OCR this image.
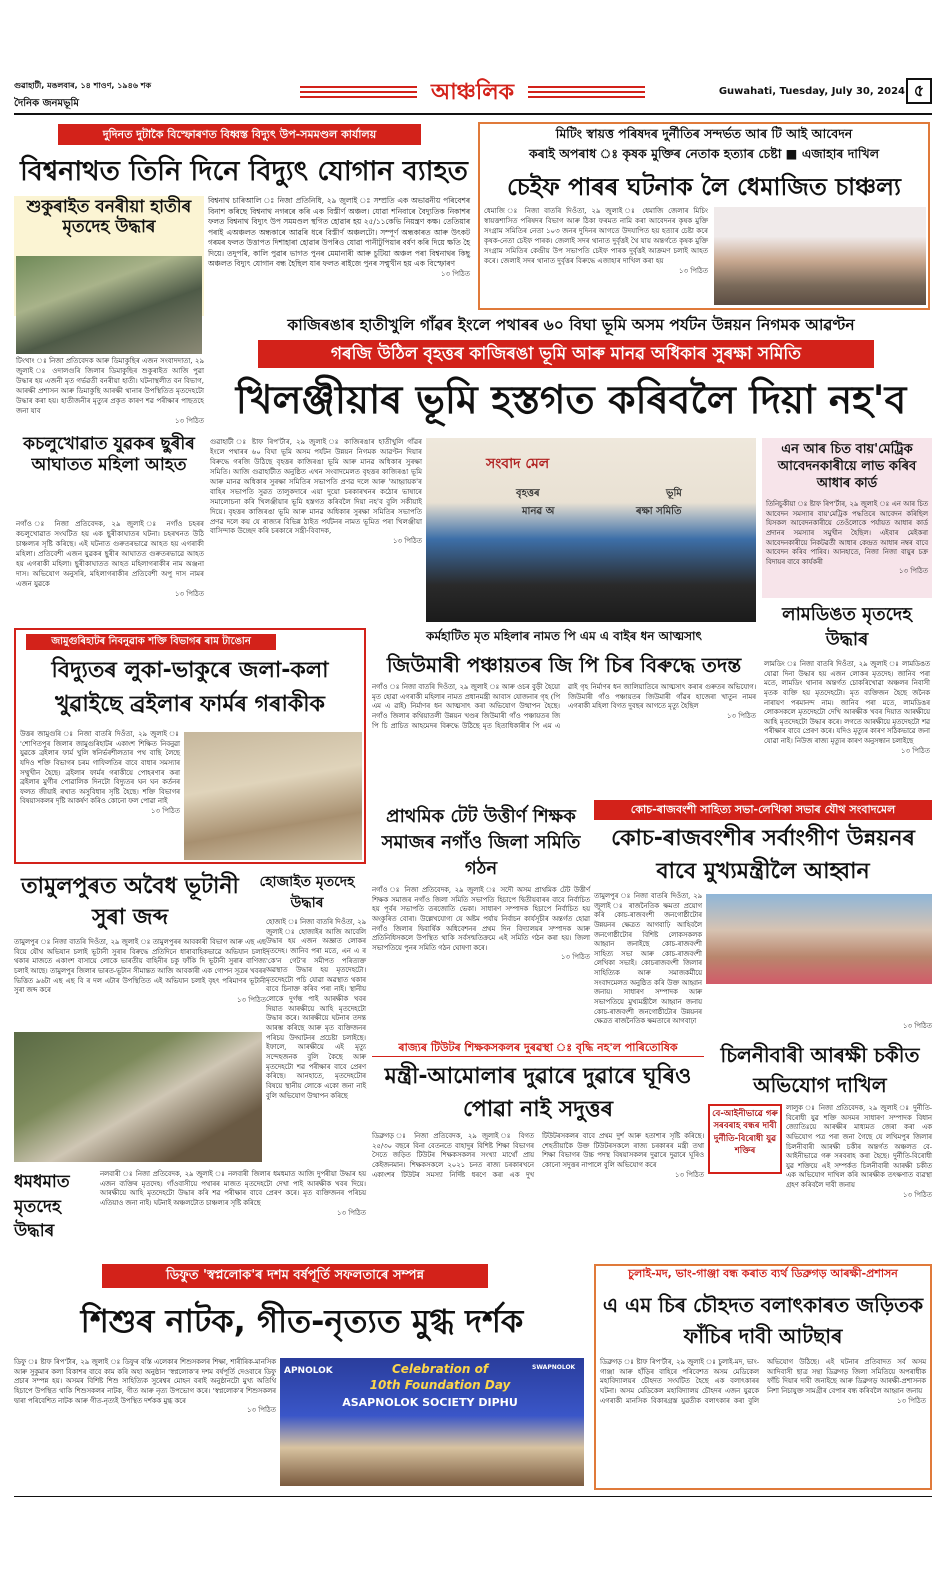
গুৱাহাটী, মঙলবাৰ, ১৪ শাওণ, ১৯৪৬ শক
দৈনিক জনমভূমি	আঞ্চলিক	Guwahati, Tuesday, July 30, 2024 ৫
দুদিনত দুটাকৈ বিস্ফোৰণত বিধ্বস্ত বিদ্যুৎ উপ-সমমণ্ডল কাৰ্যালয়
বিশ্বনাথত তিনি দিনে বিদ্যুৎ যোগান ব্যাহত
বিশ্বনাথ চাৰিআলি ঃ নিজা প্ৰতিনিধি, ২৯ জুলাই ঃ সম্প্ৰতি এক অভাৱনীয় পৰিবেশৰ বিনাশ কৰিছে বিশ্বনাথ নগৰৰে কৰি এক বিস্তীৰ্ণ অঞ্চল। যোৱা শনিবাৰে বৈদ্যুতিক নিকাশৰ ফলত বিশ্বনাথ বিদ্যুৎ উপ সমমণ্ডল স্থগিত হোৱাৰ হয় ২৫/১১কেভি নিয়ন্ত্ৰণ কক্ষ। তেতিয়াৰ পৰাই এঅঞ্চলত অন্ধকাৰে আৱৰি ধৰে বিস্তীৰ্ণ অঞ্চলটো। সম্পূৰ্ণ অন্ধকাৰত আৰু উৎকট গৰমৰ ফলত উত্তাপত দিশাহাৰা হোৱাৰ উপৰিও যোৱা পানীটুপিয়াৰ বৰ্ষণ কৰি দিয়ে ক্ষতি হৈ দিয়ে। তদুপৰি, কালি পুৱাৰ ভাগত পুনৰ মেমানাৰী আৰু চুটিয়া অঞ্চল পৰা বিশ্বনাথৰ কিছু অঞ্চলত বিদ্যুৎ যোগান বন্ধ হৈছিল যাৰ ফলত ৰাইজে পুনৰ সন্মুখীন হয় এক বিস্ফোৰণ
১৩ পিঠিত
শুকুৰাইত বনৰীয়া হাতীৰ মৃতদেহ উদ্ধাৰ
টিংখাং ঃ নিজা প্ৰতিবেদক আৰু ডিমাকুছিৰ এজন সংবাদদাতা, ২৯ জুলাই ঃ ওদালগুৰি জিলাৰ ডিমাকুছিৰ শুকুৰাইত আজি পুৱা উদ্ধাৰ হয় এজনী মৃত গৰ্ভৱতী বনৰীয়া হাতী। ঘটনাস্থলীত বন বিভাগ, আৰক্ষী প্ৰশাসন আৰু ডিমাকুছি আৰক্ষী থানাৰ উপস্থিতিত মৃতদেহটো উদ্ধাৰ কৰা হয়। হাতীজনীৰ মৃত্যুৰ প্ৰকৃত কাৰণ শৱ পৰীক্ষাৰ পাছতহে জনা যাব
১৩ পিঠিত
কচলুখোৱাত যুৱকৰ ছুৰীৰ আঘাতত মহিলা আহত
নগাঁও ঃ নিজা প্ৰতিবেদক, ২৯ জুলাই ঃ নগাঁও চহৰৰ কচলুখোৱাত সংঘটিত হয় এক ছুৰীকাঘাতৰ ঘটনা। চহৰখনত উঠি চাঞ্চল্যৰ সৃষ্টি কৰিছে। এই ঘটনাত গুৰুতৰভাৱে আহত হয় এগৰাকী মহিলা। প্ৰতিবেশী এজন যুৱকৰ ছুৰীৰ আঘাতত গুৰুতৰভাৱে আহত হয় এগৰাকী মহিলা। ছুৰীকাঘাতত আহত মহিলাগৰাকীৰ নাম অঞ্জনা দাস। অভিযোগ অনুসৰি, মহিলাগৰাকীৰ প্ৰতিবেশী অপু দাস নামৰ এজন যুৱকে
১৩ পিঠিত
মিটিং স্বায়ত্ত পৰিষদৰ দুৰ্নীতিৰ সন্দৰ্ভত আৰ টি আই আবেদন
কৰাই অপৰাধ ঃ কৃষক মুক্তিৰ নেতাক হত্যাৰ চেষ্টা ■ এজাহাৰ দাখিল
চেইফ পাৰৰ ঘটনাক লৈ ধেমাজিত চাঞ্চল্য
ধেমাজি ঃ নিজা বাতৰি দিওঁতা, ২৯ জুলাই ঃ ধেমাজি জেলাৰ মিচিং স্বায়ত্তশাসিত পৰিষদৰ বিভাগ আৰু ঠিকা ফৰমত নামি কৰা আবেদনৰ কৃষক মুক্তি সংগ্ৰাম সমিতিৰ নেতা ১০৩ জনৰ দুদিনৰ আগতে উদযাপিত হয় হত্যাৰ চেষ্টা কৰে কৃষক-নেতা চেইফ পাৰক। জেলাই সদৰ থানাত দুৰ্বৃত্তই থৈ যায় অন্তৰ্গতে কৃষক মুক্তি সংগ্ৰাম সমিতিৰ কেন্দ্ৰীয় উপ সভাপতি চেইফ পাৰক দুৰ্বৃত্তই আক্ৰমণ চলাই আহত কৰে। জেলাই সদৰ থানাত দুৰ্বৃত্তৰ বিৰুদ্ধে এজাহাৰ দাখিল কৰা হয়
১৩ পিঠিত
কাজিৰঙাৰ হাতীখুলি গাঁৱৰ ইংলে পথাৰৰ ৬০ বিঘা ভূমি অসম পৰ্যটন উন্নয়ন নিগমক আৱণ্টন
গৰজি উঠিল বৃহত্তৰ কাজিৰঙা ভূমি আৰু মানৱ অধিকাৰ সুৰক্ষা সমিতি
খিলঞ্জীয়াৰ ভূমি হস্তগত কৰিবলৈ দিয়া নহ'ব
গুৱাহাটী ঃ ষ্টাফ ৰিপ'ৰ্টাৰ, ২৯ জুলাই ঃ কাজিৰঙাৰ হাতীখুলি গাঁৱৰ ইংলে পথাৰৰ ৬০ বিঘা ভূমি অসম পৰ্যটন উন্নয়ন নিগমক আৱণ্টন দিয়াৰ বিৰুদ্ধে গৰজি উঠিছে বৃহত্তৰ কাজিৰঙা ভূমি আৰু মানৱ অধিকাৰ সুৰক্ষা সমিতি। আজি গুৱাহাটীত অনুষ্ঠিত এখন সংবাদমেলত বৃহত্তৰ কাজিৰঙা ভূমি আৰু মানৱ অধিকাৰ সুৰক্ষা সমিতিৰ সভাপতি প্ৰণৱ দলে আৰু 'আহ্বায়ক'ৰ বাহিৰ সভাপতি সুৱত তালুকদাৰে এয়া দুয়ো চৰকাৰখনৰ কঠোৰ ভাষাৰে সমালোচনা কৰি খিলঞ্জীয়াৰ ভূমি হস্তগত কৰিবলৈ দিয়া নহ'ব বুলি সকীয়াই দিয়ে। বৃহত্তৰ কাজিৰঙা ভূমি আৰু মানৱ অধিকাৰ সুৰক্ষা সমিতিৰ সভাপতি প্ৰণৱ দলে কয় যে ৰাজ্যৰ বিভিন্ন ঠাইত পৰ্যটনৰ নামত ভূমিত পৰা খিলঞ্জীয়া বাসিন্দাক উচ্ছেদ কৰি চৰকাৰে সন্ত্ৰী-বিবাদক,
১৩ পিঠিত
সংবাদ মেল
বৃহত্তৰ	ভূমি
মানৱ অ	ৰক্ষা সমিতি
এন আৰ চিত বায়'মেট্ৰিক আবেদনকাৰীয়ে লাভ কৰিব আধাৰ কাৰ্ড
তিনিচুকীয়া ঃ ষ্টাফ ৰিপ'ৰ্টাৰ, ২৯ জুলাই ঃ এন আৰ চিত আবেদন সমস্যাৰ বায়'মেট্ৰিক পদ্ধতিৰে আবেদন কৰিছিল যিসকল আবেদনকাৰীয়ে তেওঁলোকে পৰ্যায়ত আধাৰ কাৰ্ড প্ৰদানৰ সমস্যাৰ সমুখীন হৈছিল। এইবাৰ মেইকৰা আবেদনকাৰীয়ে নিকটৱৰ্তী আধাৰ কেন্দ্ৰত আধাৰ নম্বৰ বাবে আবেদন কৰিব পাৰিব। আনহাতে, নিজা নিজা বায়ুৰ চক্ৰ বিদায়ৰ বাবে কাৰ্যকৰী
১৩ পিঠিত
লামডিঙত মৃতদেহ উদ্ধাৰ
লামডিং ঃ নিজা বাতৰি দিওঁতা, ২৯ জুলাই ঃ লামডিঙত যোৱা দিনা উদ্ধাৰ হয় এজন লোকৰ মৃতদেহ। জানিব পৰা মতে, লামডিং থানাৰ অন্তৰ্গত চোকৰিখোৱা অঞ্চলৰ নিবাসী মৃতক ব্যক্তি হয় মৃতদেহটো। মৃত ব্যক্তিজন হৈছে জনৈক নাৰায়ণ পৰমানন্দ নাম। জানিব পৰা মতে, লামডিঙৰ লোকসকলে মৃতদেহটো দেখি আৰক্ষীক খবৰ দিয়াত আৰক্ষীয়ে আহি মৃতদেহটো উদ্ধাৰ কৰে। লগতে আৰক্ষীয়ে মৃতদেহটো শৱ পৰীক্ষাৰ বাবে প্ৰেৰণ কৰে। যদিও মৃত্যুৰ কাৰণ সঠিকভাৱে জনা যোৱা নাই। নিউজ ৰাজ্য মৃত্যুৰ কাৰণ অনুসন্ধান চলাইছে
১৩ পিঠিত
জামুগুৰিহাটৰ নিবনুৱাক শক্তি বিভাগৰ ৰাম টাঙোন
বিদ্যুতৰ লুকা-ভাকুৰে জলা-কলা খুৱাইছে ব্ৰইলাৰ ফাৰ্মৰ গৰাকীক
উত্তৰ জামুগুৰি ঃ নিজা বাতৰি দিওঁতা, ২৯ জুলাই ঃ 'শোণিতপুৰ জিলাৰ জামুগুৰিহাটৰ একাংশ শিক্ষিত নিবনুৱা যুৱকে ব্ৰইলাৰ ফাৰ্ম খুলি স্বনিৰ্ভৰশীলতাৰ পথ বাছি লৈছে যদিও শক্তি বিভাগৰ চৰম গাফিলতিৰ বাবে বাধাৰ সমস্যাৰ সম্মুখীন হৈছে। ব্ৰইলাৰ ফাৰ্মৰ গৰাকীয়ে পোহৰণাৰ কৰা ব্ৰইলাৰ মুৰ্গীৰ পোৱালিক দিনটো বিদ্যুতৰ ঘন ঘন কৰ্তনৰ ফলত জীয়াই ৰখাত অসুবিধাৰ সৃষ্টি হৈছে। শক্তি বিভাগৰ বিষয়াসকলৰ দৃষ্টি আকৰ্ষণ কৰিও কোনো ফল পোৱা নাই
১৩ পিঠিত
কৰ্মহাটিত মৃত মহিলাৰ নামত পি এম এ বাইৰ ধন আত্মসাৎ
জিউমাৰী পঞ্চায়তৰ জি পি চিৰ বিৰুদ্ধে তদন্ত
নগাঁও ঃ নিজা বাতৰি দিওঁতা, ২৯ জুলাই ঃ আৰু ওচৰ বুড়ী হৈয়ো মৃত হোৱা এগৰাকী মহিলাৰ নামত প্ৰধানমন্ত্ৰী আবাস যোজনাৰ গৃহ (পি এম এ ৱাই) নিৰ্মাণৰ ধন আত্মসাৎ কৰা অভিযোগ উত্থাপন হৈছে। নগাঁও জিলাৰ কথিয়াতলী উন্নয়ন খণ্ডৰ জিউমাৰী গাঁও পঞ্চায়তৰ জি পি চি প্ৰাচিত আহমেদৰ বিৰুদ্ধে উঠিছে মৃত হিতাধিকাৰীৰ পি এম এ ৱাই গৃহ নিৰ্মাণৰ ধন জালিয়াতিৰে আত্মসাৎ কৰাৰ গুৰুতৰ অভিযোগ। জিউমাৰী গাঁও পঞ্চায়তৰ জিউমাৰী গাঁৱৰ হাজেৰা খাতুন নামৰ এগৰাকী মহিলা বিগত দুবছৰ আগতে মৃত্যু হৈছিল
১৩ পিঠিত
প্ৰাথমিক টেট উত্তীৰ্ণ শিক্ষক সমাজৰ নগাঁও জিলা সমিতি গঠন
নগাঁও ঃ নিজা প্ৰতিবেদক, ২৯ জুলাই ঃ সদৌ অসম প্ৰাথমিক টেট উত্তীৰ্ণ শিক্ষক সমাজৰ নগাঁও জিলা সমিতি সভাপতি হিচাপে দ্বিতীয়বাৰৰ বাবে নিৰ্বাচিত হয় পূৰ্বৰ সভাপতি তৰজোতি ভেকা। সাধাৰণ সম্পাদক হিচাপে নিৰ্বাচিত হয় অংকুৰিত বোৰা। উল্লেখযোগ্য যে অষ্টম পৰ্যায় নিৰ্বাচন কাৰ্যসূচীৰ অন্তৰ্গত হোৱা নগাঁও জিলাৰ দ্বিবাৰ্ষিক অধিবেশনৰ প্ৰথম দিন বিদ্যালয়ৰ সম্পাদক আৰু প্ৰতিনিধিসকলে উপস্থিত থাকি সৰ্বসন্মতিক্ৰমে এই সমিতি গঠন কৰা হয়। জিলা সভাপতিয়ে পুনৰ সমিতি গঠন ঘোষণা কৰে।
১৩ পিঠিত
কোচ-ৰাজবংশী সাহিত্য সভা-লেখিকা সভাৰ যৌথ সংবাদমেল
কোচ-ৰাজবংশীৰ সৰ্বাংগীণ উন্নয়নৰ বাবে মুখ্যমন্ত্ৰীলৈ আহ্বান
তামুলপুৰ ঃ নিজা বাতৰি দিওঁতা, ২৯ জুলাই ঃ ৰাজনৈতিক ক্ষমতা প্ৰয়োগ কৰি কোচ-ৰাজবংশী জনগোষ্ঠীটোৰ উন্নয়নৰ ক্ষেত্ৰত আগবাঢ়ি আহিবলৈ জনগোষ্ঠীটোৰ বিশিষ্ট লোকসকলক আহ্বান জনাইছে কোচ-ৰাজবংশী সাহিত্য সভা আৰু কোচ-ৰাজবংশী লেখিকা সভাই। কোচৰাজবংশী জিলাৰ সাহিত্যিক আৰু সমাজকৰ্মীয়ে সংবাদমেলত অনুষ্ঠিত কৰি উক্ত আহ্বান জনায়। সাধাৰণ সম্পাদক আৰু সভাপতিয়ে মুখ্যমন্ত্ৰীলৈ আহ্বান জনায় কোচ-ৰাজবংশী জনগোষ্ঠীটোৰ উন্নয়নৰ ক্ষেত্ৰত ৰাজনৈতিক ক্ষমতাৰে আগবাঢ়া
১৩ পিঠিত
তামুলপুৰত অবৈধ ভূটানী সুৰা জব্দ
তামুলপুৰ ঃ নিজা বাতৰি দিওঁতা, ২৯ জুলাই ঃ তামুলপুৰৰ আবকাৰী বিভাগ আৰু এছ এছ বিয়ে যৌথ অভিযান চলাই ভূটানী সুৰাৰ বিৰুদ্ধে প্ৰতিদিনে ধাৰাবাহিকভাৱে অভিযান চলাই থকাৰ মাজতে একাংশ বাসায়ে লোকে ভাৰতীয় বাহিনীৰ চকু ফাঁকি দি ভূটানী সুৰাৰ বাণিজ্য চলাই আছে। তামুলপুৰ জিলাৰ ভাৰত-ভূটান সীমান্তত আজি আবকাৰী এক গোপন সূত্ৰৰ খবৰৰ ভিত্তিত ৯৬টা এছ এছ বি ৰ দল এটাৰ উপস্থিতিত এই অভিযান চলাই বৃহৎ পৰিমাণৰ ভূটানী সুৰা জব্দ কৰে
১৩ পিঠিত
হোজাইত মৃতদেহ উদ্ধাৰ
হোজাই ঃ নিজা বাতৰি দিওঁতা, ২৯ জুলাই ঃ হোজাইৰ আজি আবেলি উদ্ধাৰ হয় এজন অজ্ঞাত লোকৰ মৃতদেহ। জানিব পৰা মতে, এন এ ৰ 'কে'ন গেট'ৰ সমীপত পৰিত্যক্ত অৱস্থাত উদ্ধাৰ হয় মৃতদেহটো। মৃতদেহটো পচি যোৱা অৱস্থাত থকাৰ বাবে চিনাক্ত কৰিব পৰা নাই। স্থানীয় লোকে দুৰ্গন্ধ পাই আৰক্ষীক খবৰ দিয়াত আৰক্ষীয়ে আহি মৃতদেহটো উদ্ধাৰ কৰে। আৰক্ষীয়ে ঘটনাৰ তদন্ত আৰম্ভ কৰিছে আৰু মৃত ব্যক্তিজনৰ পৰিচয় উদ্ঘাটনৰ প্ৰচেষ্টা চলাইছে। ইফালে, আৰক্ষীয়ে এই মৃত্যু সন্দেহজনক বুলি কৈছে আৰু মৃতদেহটো শৱ পৰীক্ষাৰ বাবে প্ৰেৰণ কৰিছে। আনহাতে, মৃতদেহটোৰ বিষয়ে স্থানীয় লোকে একো জনা নাই বুলি অভিযোগ উত্থাপন কৰিছে
ধমধমাত মৃতদেহ উদ্ধাৰ
নলবাৰী ঃ নিজা প্ৰতিবেদক, ২৯ জুলাই ঃ নলবাৰী জিলাৰ ধমধমাত আজি দুপৰীয়া উদ্ধাৰ হয় এজন ব্যক্তিৰ মৃতদেহ। গাঁওবাসীয়ে পথাৰৰ মাজত মৃতদেহটো দেখা পাই আৰক্ষীক খবৰ দিয়ে। আৰক্ষীয়ে আহি মৃতদেহটো উদ্ধাৰ কৰি শৱ পৰীক্ষাৰ বাবে প্ৰেৰণ কৰে। মৃত ব্যক্তিজনৰ পৰিচয় এতিয়াও জনা নাই। ঘটনাই অঞ্চলটোত চাঞ্চল্যৰ সৃষ্টি কৰিছে
১৩ পিঠিত
ৰাজ্যৰ টিউটৰ শিক্ষকসকলৰ দুৰৱস্থা ঃ বৃদ্ধি নহ'ল পাৰিতোষিক
মন্ত্ৰী-আমোলাৰ দুৱাৰে দুৱাৰে ঘূৰিও পোৱা নাই সদুত্তৰ
ডিব্ৰুগড় ঃ নিজা প্ৰতিবেদক, ২৯ জুলাই ঃ বিগত ২৫/৩০ বছৰে বিনা বেতনতে বাহাদুৰ বিশিষ্ট শিক্ষা বিভাগৰ সৈতে জড়িত টিউটৰ শিক্ষকসকলৰ সংখ্যা মাথোঁ প্ৰায় কেইজনমান। শিক্ষকসকলে ২০২১ চনত ৰাজ্য চৰকাৰখনে একাংশৰ টিউটৰ সমস্যা নিৰ্দিষ্ট ধৰণে কৰা এক দুখ টিউটৰসকলৰ বাবে প্ৰথম দুৰ্শ আৰু হতাশাৰ সৃষ্টি কৰিছে। শেহতীয়াকৈ উক্ত টিউটৰসকলে ৰাজ্য চৰকাৰৰ মন্ত্ৰী তথা শিক্ষা বিভাগৰ উচ্চ পদস্থ বিষয়াসকলৰ দুৱাৰে দুৱাৰে ঘূৰিও কোনো সদুত্তৰ নাপালে বুলি অভিযোগ কৰে
১৩ পিঠিত
চিলনীবাৰী আৰক্ষী চকীত অভিযোগ দাখিল
বে-আইনীভাৱে গৰু সৰবৰাহ বন্ধৰ দাবী দুৰ্নীতি-বিৰোধী যুৱ শক্তিৰ
লালুক ঃ নিজা প্ৰতিবেদক, ২৯ জুলাই ঃ দুৰ্নীতি-বিৰোধী যুৱ শক্তি অসমৰ সাধাৰণ সম্পাদক বিধান জ্যোতিঃয়ে আৰক্ষীৰ মাধ্যমত জেৰা কৰা এক অভিযোগ পত্ৰ পৰা জনা গৈছে যে লখিমপুৰ জিলাৰ চিলনীবাৰী আৰক্ষী চকীৰ অন্তৰ্গত অঞ্চলত বে-আইনীভাৱে গৰু সৰবৰাহ কৰা হৈছে। দুৰ্নীতি-বিৰোধী যুৱ শক্তিয়ে এই সম্পৰ্কত চিলনীবাৰী আৰক্ষী চকীত এক অভিযোগ দাখিল কৰি আৰক্ষীক তৎক্ষণাত ব্যৱস্থা গ্ৰহণ কৰিবলৈ দাবী জনায়
১৩ পিঠিত
ডিফুত 'স্বপ্নলোক'ৰ দশম বৰ্ষপূৰ্তি সফলতাৰে সম্পন্ন
শিশুৰ নাটক, গীত-নৃত্যত মুগ্ধ দৰ্শক
ডিফু ঃ ষ্টাফ ৰিপ'ৰ্টাৰ, ২৯ জুলাই ঃ ডিফুৰ বস্তি এলেকাৰ শিশুসকলৰ শিক্ষা, শাৰীৰিক-মানসিক আৰু সুকুমাৰ কলা বিকাশৰ বাবে কাম কৰি অহা অনুষ্ঠান 'স্বপ্নলোক'ৰ দশম বৰ্ষপূৰ্তি দেওবাৰে ডিফু প্ৰচাৰ সম্পন্ন হয়। অসমৰ বিশিষ্ট শিশু সাহিত্যিক সুৰেশ্বৰ মোহন বৰাই অনুষ্ঠানটো মুখ্য অতিথি হিচাপে উপস্থিত থাকি শিশুসকলৰ নাটক, গীত আৰু নৃত্য উপভোগ কৰে। 'স্বপ্নলোক'ৰ শিশুসকলৰ দ্বাৰা পৰিবেশিত নাটক আৰু গীত-নৃত্যই উপস্থিত দৰ্শকক মুগ্ধ কৰে
১৩ পিঠিত
APNOLOK	Celebration of
10th Foundation Day
ASAPNOLOK SOCIETY DIPHU
SWAPNOLOK
চুলাই-মদ, ভাং-গাঞ্জা বন্ধ কৰাত ব্যৰ্থ ডিব্ৰুগড় আৰক্ষী-প্ৰশাসন
এ এম চিৰ চৌহদত বলাৎকাৰত জড়িতক ফাঁচিৰ দাবী আটছাৰ
ডিব্ৰুগড় ঃ ষ্টাফ ৰিপ'ৰ্টাৰ, ২৯ জুলাই ঃ চুলাই-মদ, ভাং-গাঞ্জা আৰু হাঁড়িৰ বাহিৰে পৰিবেশত অসম মেডিকেল মহাবিদ্যালয়ৰ চৌহদত সংঘটিত হৈছে এক বলাৎকাৰৰ ঘটনা। অসম মেডিকেল মহাবিদ্যালয় চৌহদৰ এজন যুৱকে এগৰাকী মানসিক বিকাৰগ্ৰস্ত যুৱতীক বলাৎকাৰ কৰা বুলি অভিযোগ উঠিছে। এই ঘটনাৰ প্ৰতিবাদত সৰ্ব অসম আদিবাসী ছাত্ৰ সন্থা ডিব্ৰুগড় জিলা সমিতিয়ে অপৰাধীক ফাঁচি দিয়াৰ দাবী জনাইছে আৰু ডিব্ৰুগড় আৰক্ষী-প্ৰশাসনক নিশা নিচাযুক্ত সামগ্ৰীৰ বেপাৰ বন্ধ কৰিবলৈ আহ্বান জনায়
১৩ পিঠিত
